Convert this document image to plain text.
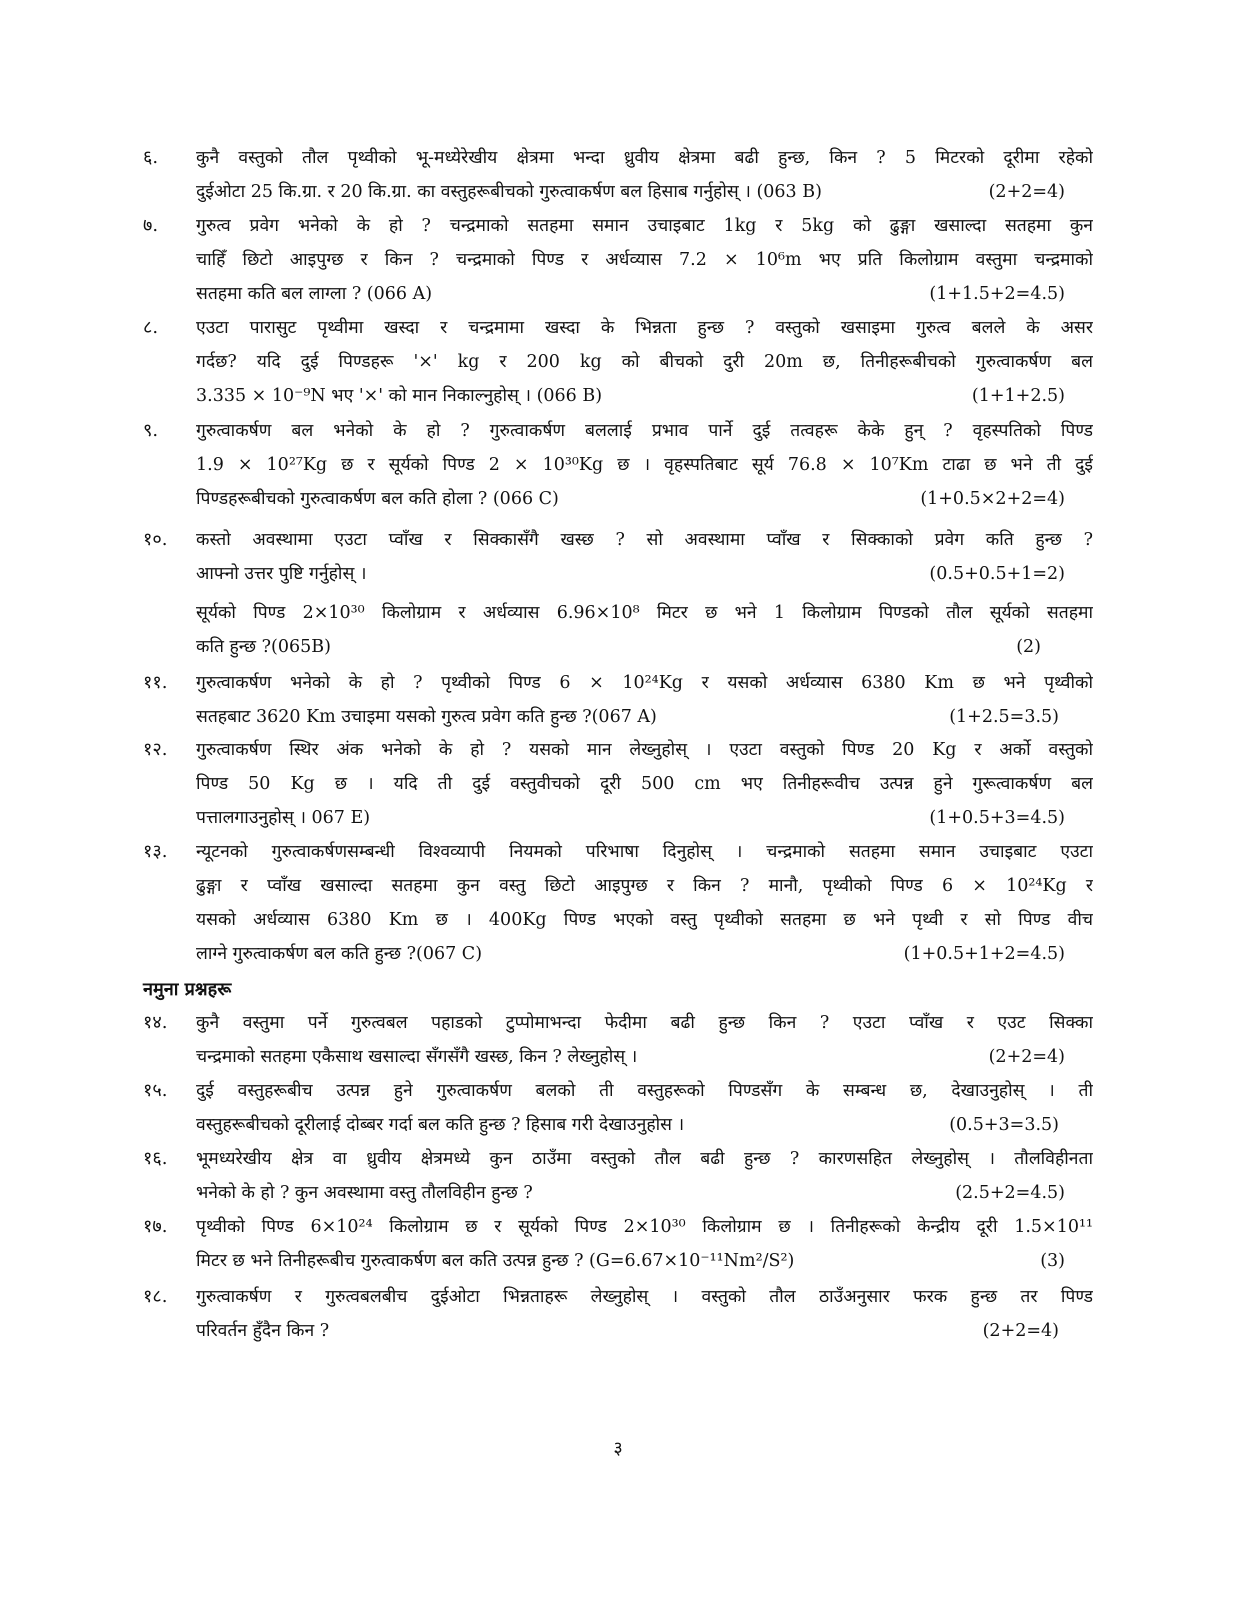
६.	कुनै वस्तुको तौल पृथ्वीको भू-मध्येरेखीय क्षेत्रमा भन्दा ध्रुवीय क्षेत्रमा बढी हुन्छ, किन ? 5 मिटरको दूरीमा रहेको
दुईओटा 25 कि.ग्रा. र 20 कि.ग्रा. का वस्तुहरूबीचको गुरुत्वाकर्षण बल हिसाब गर्नुहोस् । (063 B)	(2+2=4)
७.	गुरुत्व प्रवेग भनेको के हो ? चन्द्रमाको सतहमा समान उचाइबाट 1kg र 5kg को ढुङ्गा खसाल्दा सतहमा कुन
चाहिँ छिटो आइपुग्छ र किन ? चन्द्रमाको पिण्ड र अर्धव्यास 7.2 × 10⁶m भए प्रति किलोग्राम वस्तुमा चन्द्रमाको
सतहमा कति बल लाग्ला ? (066 A)	(1+1.5+2=4.5)
८.	एउटा पारासुट पृथ्वीमा खस्दा र चन्द्रमामा खस्दा के भिन्नता हुन्छ ? वस्तुको खसाइमा गुरुत्व बलले के असर
गर्दछ? यदि दुई पिण्डहरू '×' kg र 200 kg को बीचको दुरी 20m छ, तिनीहरूबीचको गुरुत्वाकर्षण बल
3.335 × 10⁻⁹N भए '×' को मान निकाल्नुहोस् । (066 B)	(1+1+2.5)
९.	गुरुत्वाकर्षण बल भनेको के हो ? गुरुत्वाकर्षण बललाई प्रभाव पार्ने दुई तत्वहरू केके हुन् ? वृहस्पतिको पिण्ड
1.9 × 10²⁷Kg छ र सूर्यको पिण्ड 2 × 10³⁰Kg छ । वृहस्पतिबाट सूर्य 76.8 × 10⁷Km टाढा छ भने ती दुई
पिण्डहरूबीचको गुरुत्वाकर्षण बल कति होला ? (066 C)	(1+0.5×2+2=4)
१०.	कस्तो अवस्थामा एउटा प्वाँख र सिक्कासँगै खस्छ ? सो अवस्थामा प्वाँख र सिक्काको प्रवेग कति हुन्छ ?
आफ्नो उत्तर पुष्टि गर्नुहोस् ।	(0.5+0.5+1=2)
सूर्यको पिण्ड 2×10³⁰ किलोग्राम र अर्धव्यास 6.96×10⁸ मिटर छ भने 1 किलोग्राम पिण्डको तौल सूर्यको सतहमा
कति हुन्छ ?(065B)	(2)
११.	गुरुत्वाकर्षण भनेको के हो ? पृथ्वीको पिण्ड 6 × 10²⁴Kg र यसको अर्धव्यास 6380 Km छ भने पृथ्वीको
सतहबाट 3620 Km उचाइमा यसको गुरुत्व प्रवेग कति हुन्छ ?(067 A)	(1+2.5=3.5)
१२.	गुरुत्वाकर्षण स्थिर अंक भनेको के हो ? यसको मान लेख्नुहोस् । एउटा वस्तुको पिण्ड 20 Kg र अर्को वस्तुको
पिण्ड 50 Kg छ । यदि ती दुई वस्तुवीचको दूरी 500 cm भए तिनीहरूवीच उत्पन्न हुने गुरूत्वाकर्षण बल
पत्तालगाउनुहोस् । 067 E)	(1+0.5+3=4.5)
१३.	न्यूटनको गुरुत्वाकर्षणसम्बन्धी विश्वव्यापी नियमको परिभाषा दिनुहोस् । चन्द्रमाको सतहमा समान उचाइबाट एउटा
ढुङ्गा र प्वाँख खसाल्दा सतहमा कुन वस्तु छिटो आइपुग्छ र किन ? मानौ, पृथ्वीको पिण्ड 6 × 10²⁴Kg र
यसको अर्धव्यास 6380 Km छ । 400Kg पिण्ड भएको वस्तु पृथ्वीको सतहमा छ भने पृथ्वी र सो पिण्ड वीच
लाग्ने गुरुत्वाकर्षण बल कति हुन्छ ?(067 C)	(1+0.5+1+2=4.5)
नमुना प्रश्नहरू
१४.	कुनै वस्तुमा पर्ने गुरुत्वबल पहाडको टुप्पोमाभन्दा फेदीमा बढी हुन्छ किन ? एउटा प्वाँख र एउट सिक्का
चन्द्रमाको सतहमा एकैसाथ खसाल्दा सँगसँगै खस्छ, किन ? लेख्नुहोस् ।	(2+2=4)
१५.	दुई वस्तुहरूबीच उत्पन्न हुने गुरुत्वाकर्षण बलको ती वस्तुहरूको पिण्डसँग के सम्बन्ध छ, देखाउनुहोस् । ती
वस्तुहरूबीचको दूरीलाई दोब्बर गर्दा बल कति हुन्छ ? हिसाब गरी देखाउनुहोस ।	(0.5+3=3.5)
१६.	भूमध्यरेखीय क्षेत्र वा ध्रुवीय क्षेत्रमध्ये कुन ठाउँमा वस्तुको तौल बढी हुन्छ ? कारणसहित लेख्नुहोस् । तौलविहीनता
भनेको के हो ? कुन अवस्थामा वस्तु तौलविहीन हुन्छ ?	(2.5+2=4.5)
१७.	पृथ्वीको पिण्ड 6×10²⁴ किलोग्राम छ र सूर्यको पिण्ड 2×10³⁰ किलोग्राम छ । तिनीहरूको केन्द्रीय दूरी 1.5×10¹¹
मिटर छ भने तिनीहरूबीच गुरुत्वाकर्षण बल कति उत्पन्न हुन्छ ? (G=6.67×10⁻¹¹Nm²/S²)	(3)
१८.	गुरुत्वाकर्षण र गुरुत्वबलबीच दुईओटा भिन्नताहरू लेख्नुहोस् । वस्तुको तौल ठाउँअनुसार फरक हुन्छ तर पिण्ड
परिवर्तन हुँदैन किन ?	(2+2=4)
३
